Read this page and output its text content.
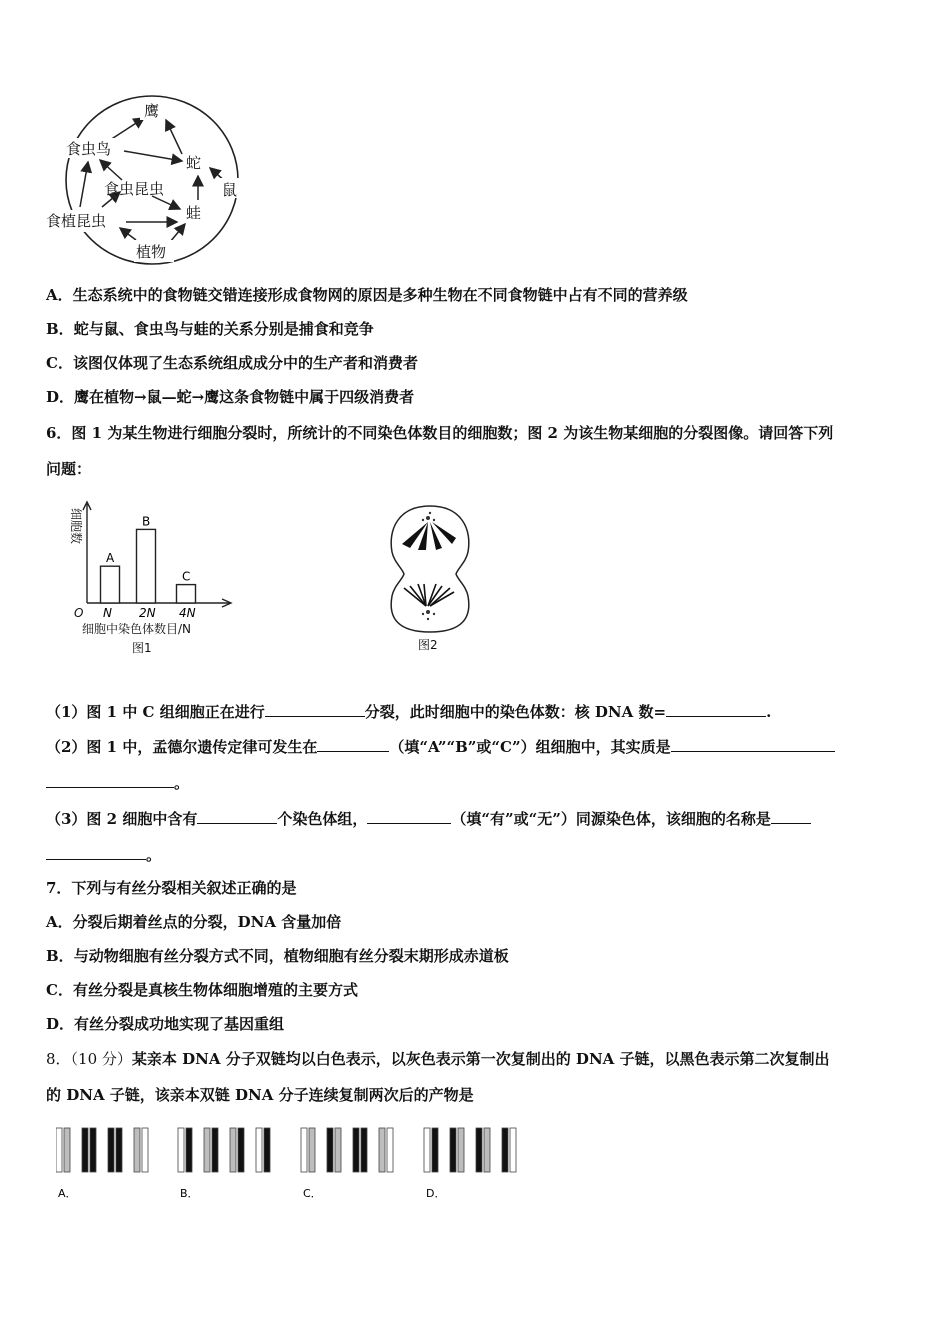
鹰
食虫鸟
蛇
食虫昆虫	鼠
食植昆虫	蛙
植物
A．生态系统中的食物链交错连接形成食物网的原因是多种生物在不同食物链中占有不同的营养级
B．蛇与鼠、食虫鸟与蛙的关系分别是捕食和竞争
C．该图仅体现了生态系统组成成分中的生产者和消费者
D．鹰在植物→鼠—蛇→鹰这条食物链中属于四级消费者
6．图 1 为某生物进行细胞分裂时，所统计的不同染色体数目的细胞数；图 2 为该生物某细胞的分裂图像。请回答下列
问题：
A
N
B
2N
C
4N
细胞数
O
细胞中染色体数目/N
图1	图2
（1）图 1 中 C 组细胞正在进行	分裂，此时细胞中的染色体数：核 DNA 数=	.
（2）图 1 中，孟德尔遗传定律可发生在	（填“A”“B”或“C”）组细胞中，其实质是
。
（3）图 2 细胞中含有	个染色体组，	（填“有”或“无”）同源染色体，该细胞的名称是
。
7．下列与有丝分裂相关叙述正确的是
A．分裂后期着丝点的分裂，DNA 含量加倍
B．与动物细胞有丝分裂方式不同，植物细胞有丝分裂末期形成赤道板
C．有丝分裂是真核生物体细胞增殖的主要方式
D．有丝分裂成功地实现了基因重组
8．（10 分）某亲本 DNA 分子双链均以白色表示，以灰色表示第一次复制出的 DNA 子链，以黑色表示第二次复制出
的 DNA 子链，该亲本双链 DNA 分子连续复制两次后的产物是
A．	B．	C．	D．
